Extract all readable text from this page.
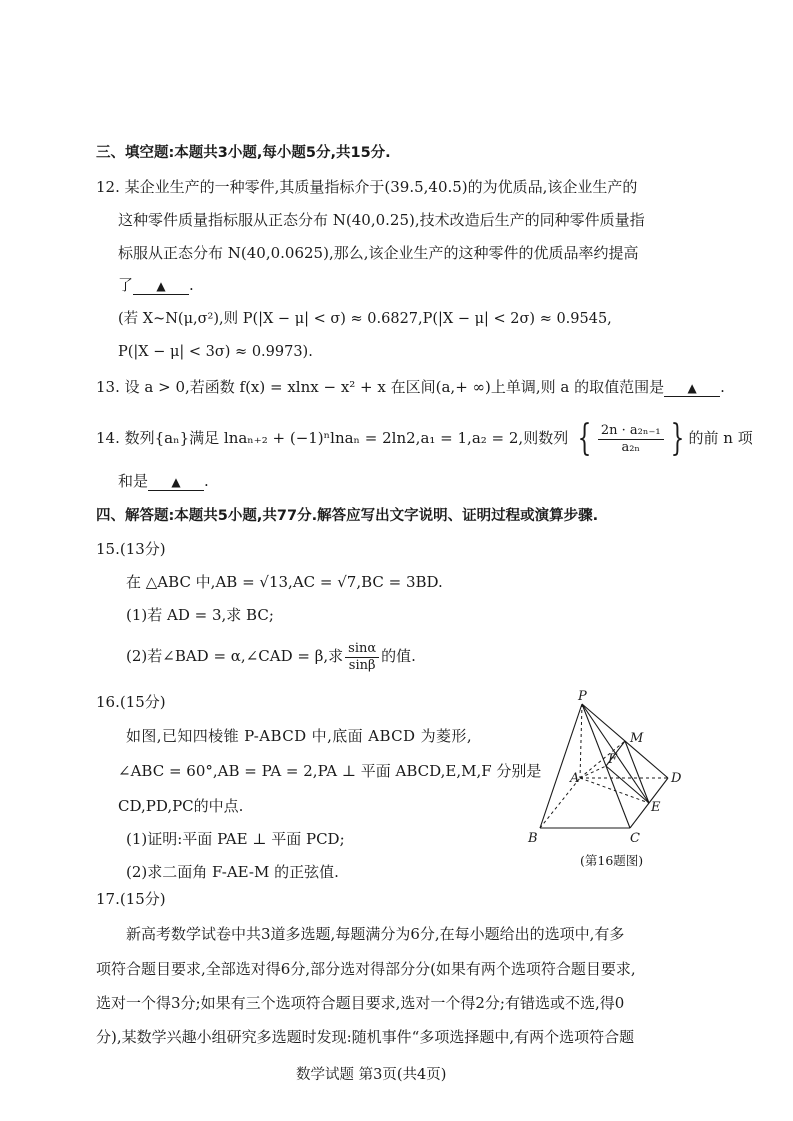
三、填空题:本题共3小题,每小题5分,共15分.
12. 某企业生产的一种零件,其质量指标介于(39.5,40.5)的为优质品,该企业生产的
这种零件质量指标服从正态分布 N(40,0.25),技术改造后生产的同种零件质量指
标服从正态分布 N(40,0.0625),那么,该企业生产的这种零件的优质品率约提高
了 ▲ .
(若 X~N(μ,σ²),则 P(|X − μ| < σ) ≈ 0.6827,P(|X − μ| < 2σ) ≈ 0.9545,
P(|X − μ| < 3σ) ≈ 0.9973).
13. 设 a > 0,若函数 f(x) = xlnx − x² + x 在区间(a,+ ∞)上单调,则 a 的取值范围是 ▲ .
14. 数列{aₙ}满足 lnaₙ₊₂ + (−1)ⁿlnaₙ = 2ln2,a₁ = 1,a₂ = 2,则数列 { $\frac{\text{2n · a₂ₙ₋₁}}{\text{a₂ₙ}}$ } 的前 n 项
和是 ▲ .
四、解答题:本题共5小题,共77分.解答应写出文字说明、证明过程或演算步骤.
15.(13分)
在 △ABC 中,AB = √13,AC = √7,BC = 3BD.
(1)若 AD = 3,求 BC;
(2)若∠BAD = α,∠CAD = β,求 $\frac{\sin\alpha}{\sin\beta}$ 的值.
16.(15分)
如图,已知四棱锥 P-ABCD 中,底面 ABCD 为菱形,
∠ABC = 60°,AB = PA = 2,PA ⊥ 平面 ABCD,E,M,F 分别是
CD,PD,PC的中点.
(1)证明:平面 PAE ⊥ 平面 PCD;
(2)求二面角 F-AE-M 的正弦值.
P
M
F
A	D
E
B	C
(第16题图)
17.(15分)
新高考数学试卷中共3道多选题,每题满分为6分,在每小题给出的选项中,有多
项符合题目要求,全部选对得6分,部分选对得部分分(如果有两个选项符合题目要求,
选对一个得3分;如果有三个选项符合题目要求,选对一个得2分;有错选或不选,得0
分),某数学兴趣小组研究多选题时发现:随机事件“多项选择题中,有两个选项符合题
数学试题 第3页(共4页)
